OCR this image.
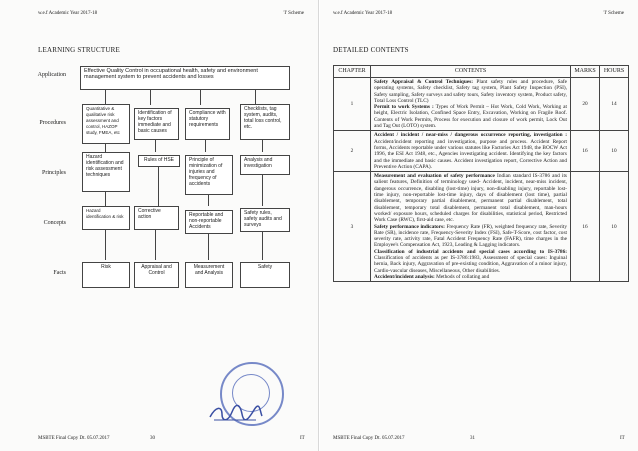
w.e.f Academic Year 2017-18	'I' Scheme
LEARNING STRUCTURE
Application
Procedures
Principles
Concepts
Facts
Effective Quality Control in occupational health, safety and environment management system to prevent accidents and losses
Quantitative & qualitative risk assessment and control, HAZOP study, FMEA, etc
Identification of key factors immediate and basic causes
Compliance with statutory requirements
Checklists, tag system, audits, total loss control, etc.
Hazard identification and risk assessment techniques
Rules of HSE	Principle of minimization of injuries and frequency of accidents
Analysis and investigation
Hazard identification & risk
Corrective action	Reportable and non-reportable Accidents
Safety rules, safety audits and surveys
Risk	Appraisal and Control
Measurement and Analysis
Safety
MSBTE Final Copy Dt. 05.07.2017	30	IT
w.e.f Academic Year 2017-18	'I' Scheme
DETAILED CONTENTS
CHAPTER	CONTENTS	MARKS	HOURS
1	Safety Appraisal & Control Techniques: Plant safety rules and procedure, Safe operating systems, Safety checklist, Safety tag system, Plant Safety Inspection (PSI), Safety sampling, Safety surveys and safety tours, Safety inventory system, Product safety, Total Loss Control (TLC)
Permit to work Systems : Types of Work Permit – Hot Work, Cold Work, Working at height, Electric Isolation, Confined Space Entry, Excavation, Working on Fragile Roof. Contents of Work Permits, Process for execution and closure of work permit, Lock Out and Tag Out (LOTO) system.	20	14
2	Accident / incident / near-miss / dangerous occurrence reporting, investigation : Accident/incident reporting and investigation, purpose and process. Accident Report forms, Accidents reportable under various statutes like Factories Act 1948, the BOCW Act 1996, the ESI Act 1948, etc., Agencies investigating accident. Identifying the key factors and the immediate and basic causes. Accident investigation report, Corrective Action and Preventive Action (CAPA).	16	10
3	Measurement and evaluation of safety performance Indian standard IS-3786 and its salient features, Definition of terminology used- Accident, incident, near-miss incident, dangerous occurrence, disabling (lost-time) injury, non-disabling injury, reportable lost-time injury, non-reportable lost-time injury, days of disablement (lost time), partial disablement, temporary partial disablement, permanent partial disablement, total disablement, temporary total disablement, permanent total disablement, man-hours worked/ exposure hours, scheduled charges for disabilities, statistical period, Restricted Work Case (RWC), first-aid case, etc.
Safety performance indicators: Frequency Rate (FR), weighted frequency rate, Severity Rate (SR), incidence rate, Frequency-Severity Index (FSI), Safe-T-Score, cost factor, cost severity rate, activity rate, Fatal Accident Frequency Rate (FAFR), time charges in the Employee's Compensation Act, 1923, Leading & Lagging indicators.
Classification of industrial accidents and special cases according to IS-3786: Classification of accidents as per IS-3786:1983, Assessment of special cases: Inguinal hernia, Back injury, Aggravation of pre-existing condition, Aggravation of a minor injury, Cardio-vascular diseases, Miscellaneous, Other disabilities.
Accident/incident analysis: Methods of collating and	16	10
MSBTE Final Copy Dt. 05.07.2017	31	IT
